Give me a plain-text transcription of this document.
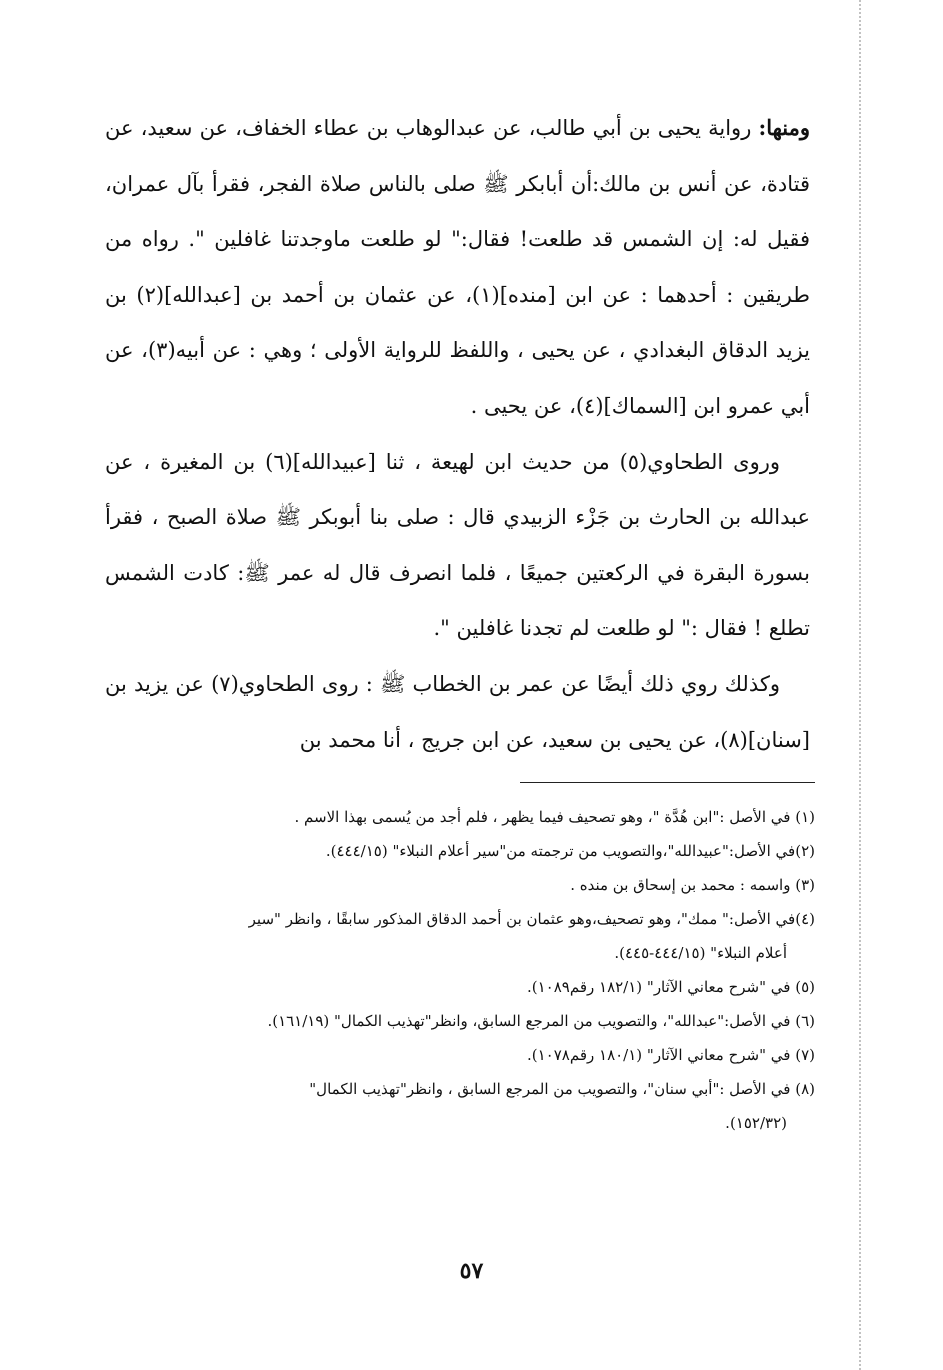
ومنها: رواية يحيى بن أبي طالب، عن عبدالوهاب بن عطاء الخفاف، عن سعيد، عن قتادة، عن أنس بن مالك:أن أبابكر ﷺ صلى بالناس صلاة الفجر، فقرأ بآل عمران، فقيل له: إن الشمس قد طلعت! فقال:" لو طلعت ماوجدتنا غافلين ". رواه من طريقين : أحدهما : عن ابن [منده](١)، عن عثمان بن أحمد بن [عبدالله](٢) بن يزيد الدقاق البغدادي ، عن يحيى ، واللفظ للرواية الأولى ؛ وهي : عن أبيه(٣)، عن أبي عمرو ابن [السماك](٤)، عن يحيى .

وروى الطحاوي(٥) من حديث ابن لهيعة ، ثنا [عبيدالله](٦) بن المغيرة ، عن عبدالله بن الحارث بن جَزْء الزبيدي قال : صلى بنا أبوبكر ﷺ صلاة الصبح ، فقرأ بسورة البقرة في الركعتين جميعًا ، فلما انصرف قال له عمر ﷺ: كادت الشمس تطلع ! فقال :" لو طلعت لم تجدنا غافلين ".

وكذلك روي ذلك أيضًا عن عمر بن الخطاب ﷺ : روى الطحاوي(٧) عن يزيد بن [سنان](٨)، عن يحيى بن سعيد، عن ابن جريج ، أنا محمد بن

(١) في الأصل :"ابن هُدَّة "، وهو تصحيف فيما يظهر ، فلم أجد من يُسمى بهذا الاسم .

(٢)في الأصل:"عبيدالله"،والتصويب من ترجمته من"سير أعلام النبلاء" (٤٤٤/١٥).

(٣) واسمه : محمد بن إسحاق بن منده .

(٤)في الأصل:" ممك"، وهو تصحيف،وهو عثمان بن أحمد الدقاق المذكور سابقًا ، وانظر "سير

أعلام النبلاء" (٤٤٤/١٥-٤٤٥).

(٥) في "شرح معاني الآثار" (١٨٢/١ رقم١٠٨٩).

(٦) في الأصل:"عبدالله"، والتصويب من المرجع السابق، وانظر"تهذيب الكمال" (١٦١/١٩).

(٧) في "شرح معاني الآثار" (١٨٠/١ رقم١٠٧٨).

(٨) في الأصل :"أبي سنان"، والتصويب من المرجع السابق ، وانظر"تهذيب الكمال"

(١٥٢/٣٢).

٥٧
